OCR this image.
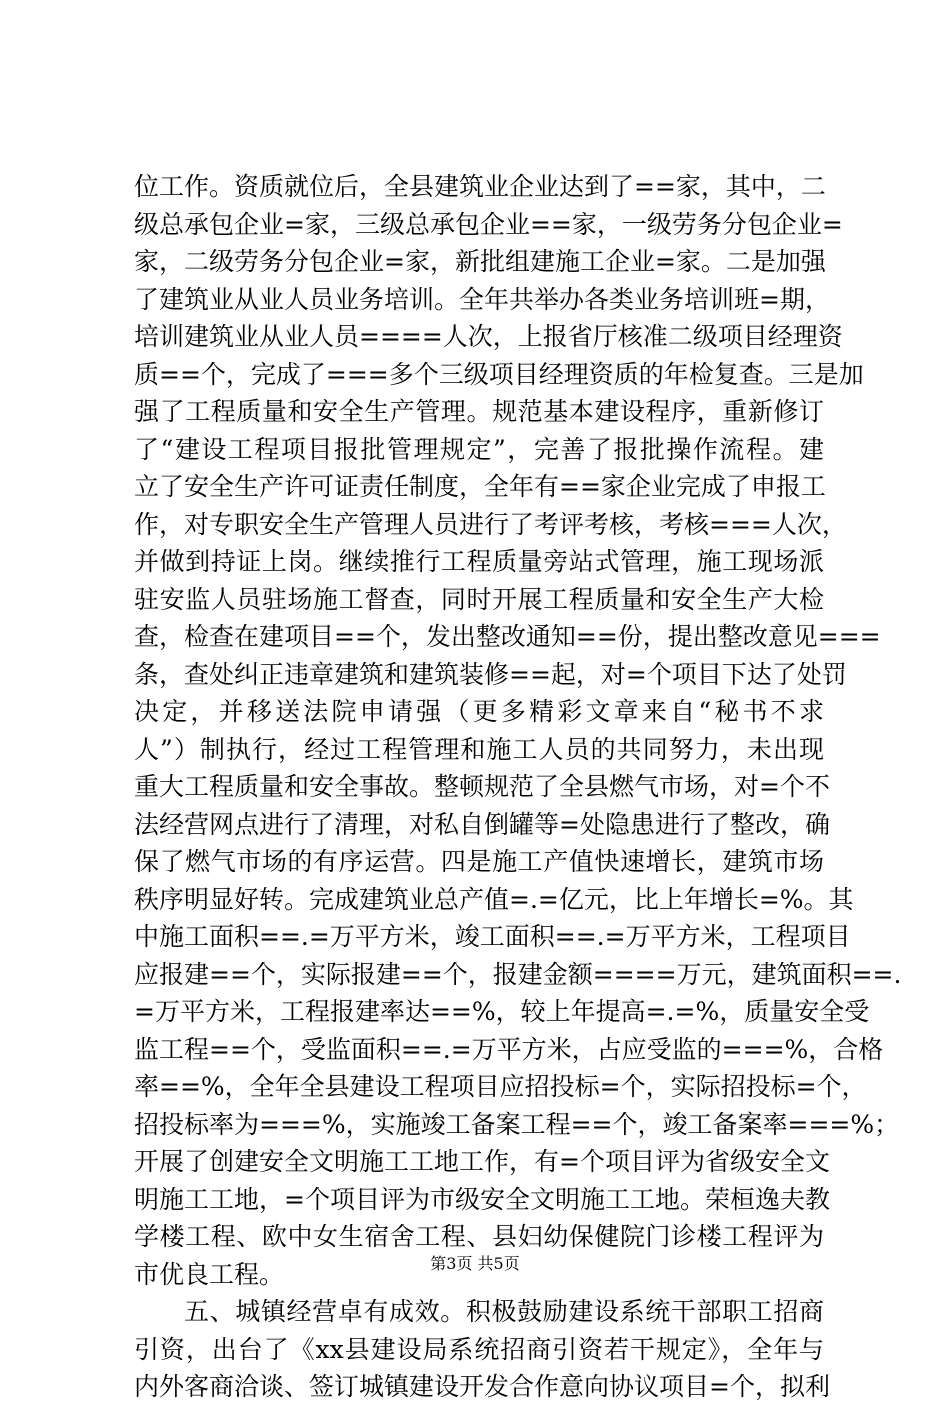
位工作。资质就位后，全县建筑业企业达到了==家，其中，二
级总承包企业=家，三级总承包企业==家，一级劳务分包企业=
家，二级劳务分包企业=家，新批组建施工企业=家。二是加强
了建筑业从业人员业务培训。全年共举办各类业务培训班=期，
培训建筑业从业人员====人次，上报省厅核准二级项目经理资
质==个，完成了===多个三级项目经理资质的年检复查。三是加
强了工程质量和安全生产管理。规范基本建设程序，重新修订
了“建设工程项目报批管理规定”，完善了报批操作流程。建
立了安全生产许可证责任制度，全年有==家企业完成了申报工
作，对专职安全生产管理人员进行了考评考核，考核===人次，
并做到持证上岗。继续推行工程质量旁站式管理，施工现场派
驻安监人员驻场施工督查，同时开展工程质量和安全生产大检
查，检查在建项目==个，发出整改通知==份，提出整改意见===
条，查处纠正违章建筑和建筑装修==起，对=个项目下达了处罚
决定，并移送法院申请强（更多精彩文章来自“秘书不求
人”）制执行，经过工程管理和施工人员的共同努力，未出现
重大工程质量和安全事故。整顿规范了全县燃气市场，对=个不
法经营网点进行了清理，对私自倒罐等=处隐患进行了整改，确
保了燃气市场的有序运营。四是施工产值快速增长，建筑市场
秩序明显好转。完成建筑业总产值=.=亿元，比上年增长=%。其
中施工面积==.=万平方米，竣工面积==.=万平方米，工程项目
应报建==个，实际报建==个，报建金额====万元，建筑面积==.
=万平方米，工程报建率达==%，较上年提高=.=%，质量安全受
监工程==个，受监面积==.=万平方米，占应受监的===%，合格
率==%，全年全县建设工程项目应招投标=个，实际招投标=个，
招投标率为===%，实施竣工备案工程==个，竣工备案率===%；
开展了创建安全文明施工工地工作，有=个项目评为省级安全文
明施工工地，=个项目评为市级安全文明施工工地。荣桓逸夫教
学楼工程、欧中女生宿舍工程、县妇幼保健院门诊楼工程评为
市优良工程。
五、城镇经营卓有成效。积极鼓励建设系统干部职工招商
引资，出台了《xx县建设局系统招商引资若干规定》，全年与
内外客商洽谈、签订城镇建设开发合作意向协议项目=个，拟利
第3页 共5页
